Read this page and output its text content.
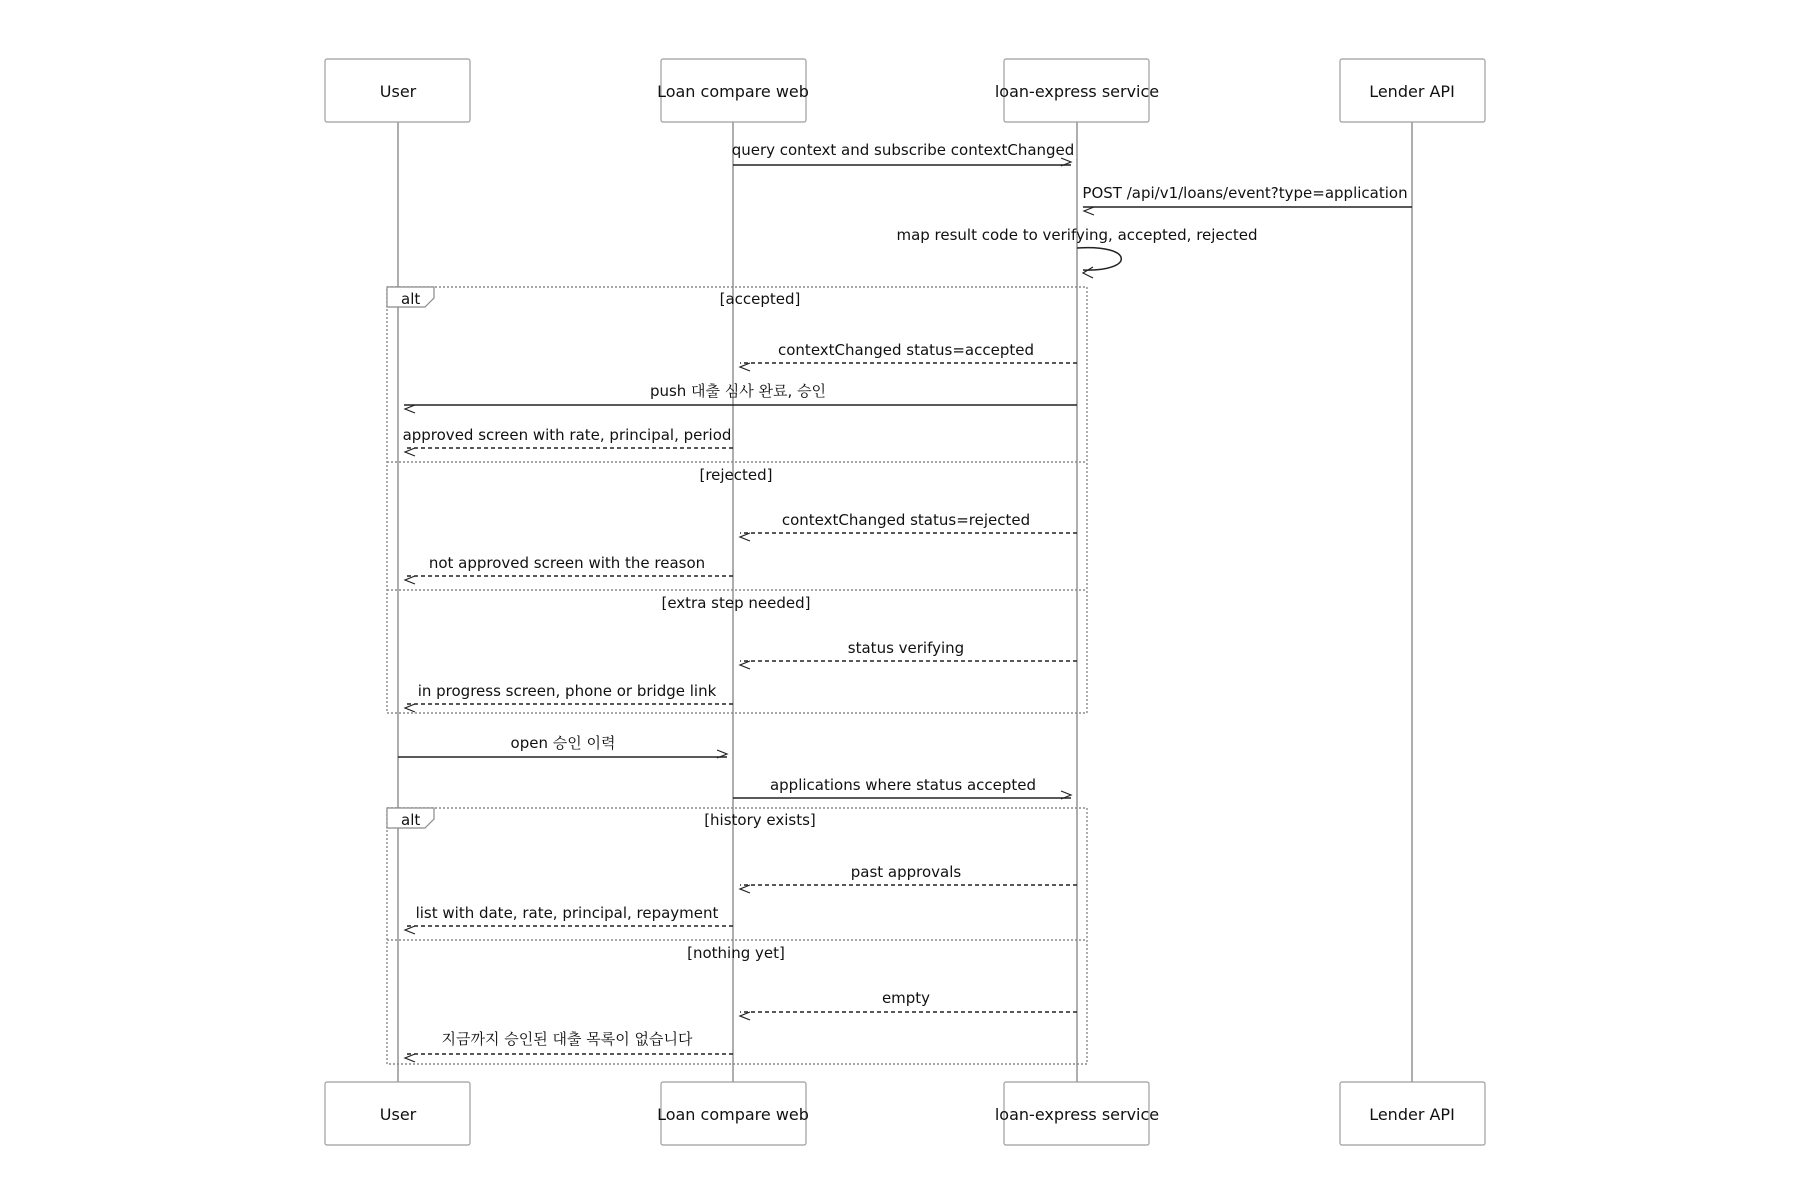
alt	[accepted]
[rejected]
[extra step needed]
alt	[history exists]
[nothing yet]
query context and subscribe contextChanged
POST /api/v1/loans/event?type=application
map result code to verifying, accepted, rejected
contextChanged status=accepted
push 대출 심사 완료, 승인
approved screen with rate, principal, period
contextChanged status=rejected
not approved screen with the reason
status verifying
in progress screen, phone or bridge link
open 승인 이력
applications where status accepted
past approvals
list with date, rate, principal, repayment
empty
지금까지 승인된 대출 목록이 없습니다
User	Loan compare web	loan-express service	Lender API
User	Loan compare web	loan-express service	Lender API
